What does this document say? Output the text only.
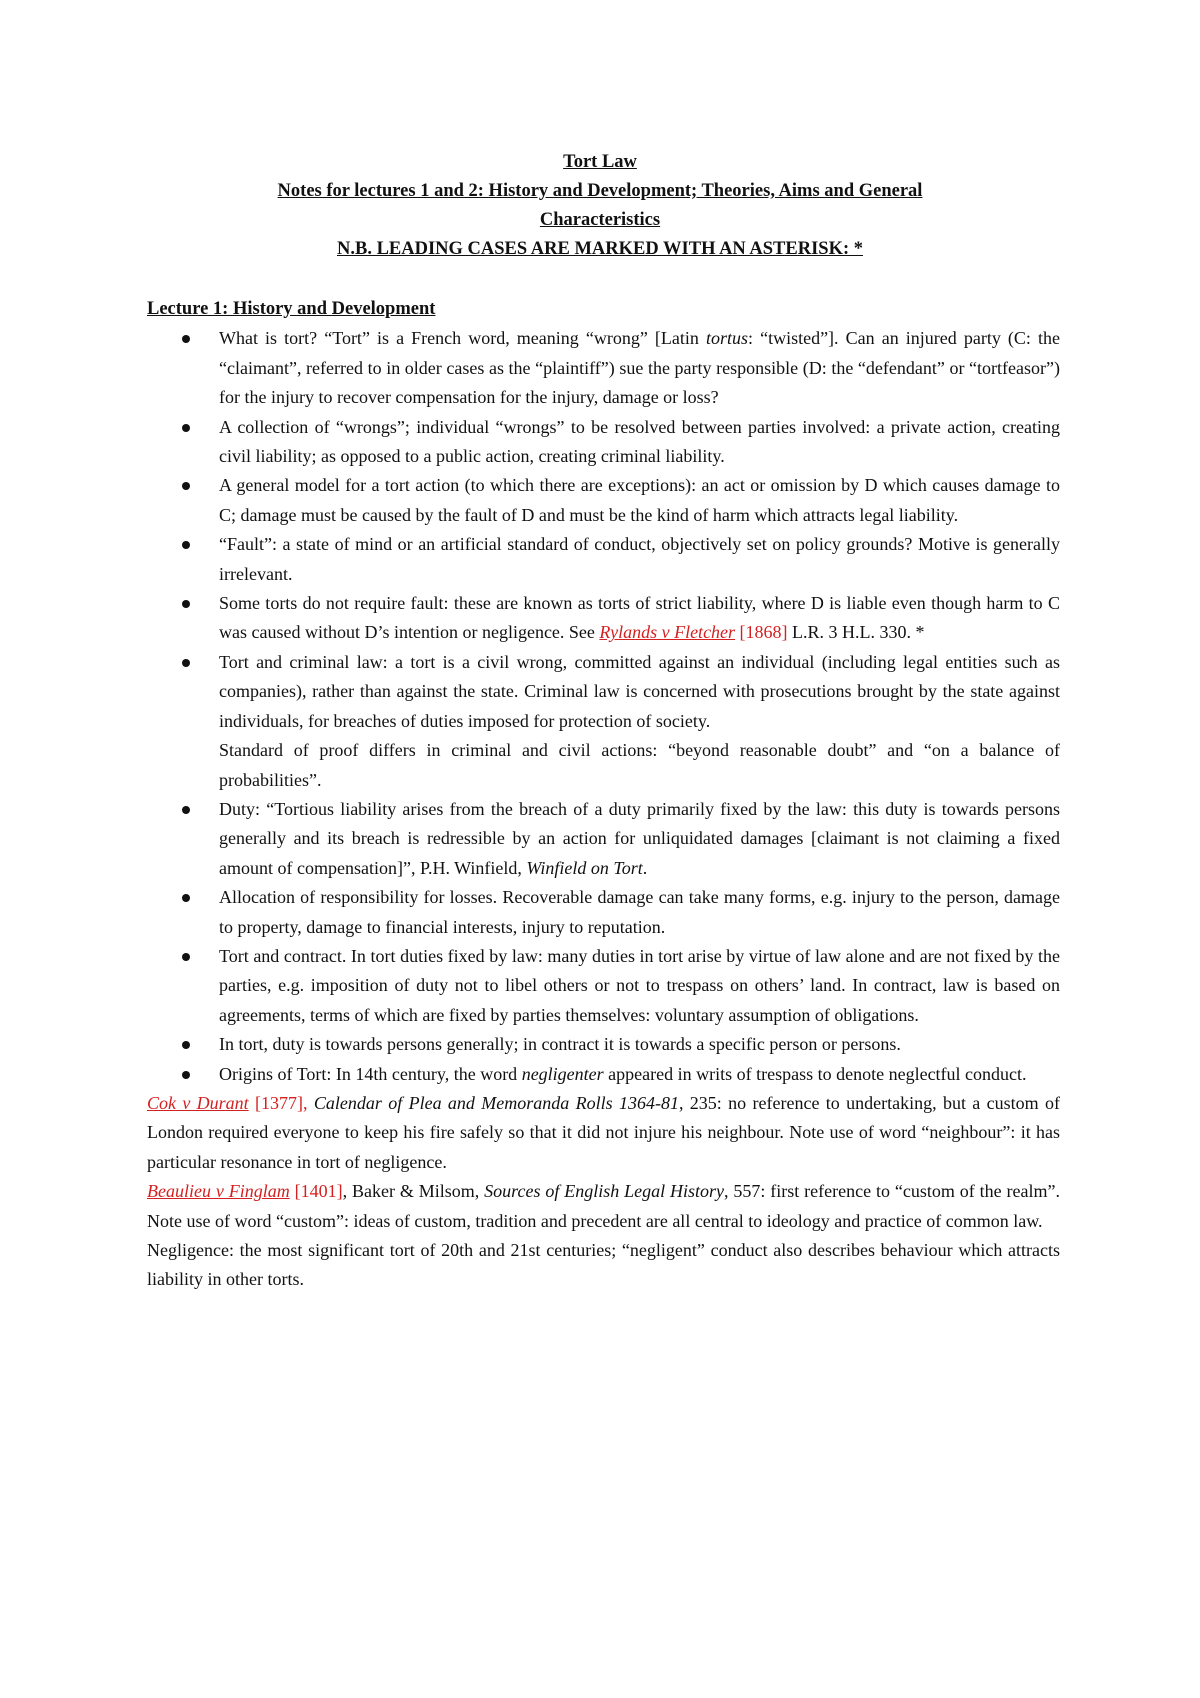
Tort Law
Notes for lectures 1 and 2: History and Development; Theories, Aims and General
Characteristics
N.B. LEADING CASES ARE MARKED WITH AN ASTERISK: *
Lecture 1: History and Development
What is tort? “Tort” is a French word, meaning “wrong” [Latin tortus: “twisted”]. Can an injured party (C: the “claimant”, referred to in older cases as the “plaintiff”) sue the party responsible (D: the “defendant” or “tortfeasor”) for the injury to recover compensation for the injury, damage or loss?
A collection of “wrongs”; individual “wrongs” to be resolved between parties involved: a private action, creating civil liability; as opposed to a public action, creating criminal liability.
A general model for a tort action (to which there are exceptions): an act or omission by D which causes damage to C; damage must be caused by the fault of D and must be the kind of harm which attracts legal liability.
“Fault”: a state of mind or an artificial standard of conduct, objectively set on policy grounds? Motive is generally irrelevant.
Some torts do not require fault: these are known as torts of strict liability, where D is liable even though harm to C was caused without D’s intention or negligence. See Rylands v Fletcher [1868] L.R. 3 H.L. 330. *
Tort and criminal law: a tort is a civil wrong, committed against an individual (including legal entities such as companies), rather than against the state. Criminal law is concerned with prosecutions brought by the state against individuals, for breaches of duties imposed for protection of society.
Standard of proof differs in criminal and civil actions: “beyond reasonable doubt” and “on a balance of probabilities”.
Duty: “Tortious liability arises from the breach of a duty primarily fixed by the law: this duty is towards persons generally and its breach is redressible by an action for unliquidated damages [claimant is not claiming a fixed amount of compensation]”, P.H. Winfield, Winfield on Tort.
Allocation of responsibility for losses. Recoverable damage can take many forms, e.g. injury to the person, damage to property, damage to financial interests, injury to reputation.
Tort and contract. In tort duties fixed by law: many duties in tort arise by virtue of law alone and are not fixed by the parties, e.g. imposition of duty not to libel others or not to trespass on others’ land. In contract, law is based on agreements, terms of which are fixed by parties themselves: voluntary assumption of obligations.
In tort, duty is towards persons generally; in contract it is towards a specific person or persons.
Origins of Tort: In 14th century, the word negligenter appeared in writs of trespass to denote neglectful conduct.

Cok v Durant [1377], Calendar of Plea and Memoranda Rolls 1364-81, 235: no reference to undertaking, but a custom of London required everyone to keep his fire safely so that it did not injure his neighbour. Note use of word “neighbour”: it has particular resonance in tort of negligence.

Beaulieu v Finglam [1401], Baker & Milsom, Sources of English Legal History, 557: first reference to “custom of the realm”. Note use of word “custom”: ideas of custom, tradition and precedent are all central to ideology and practice of common law.

Negligence: the most significant tort of 20th and 21st centuries; “negligent” conduct also describes behaviour which attracts liability in other torts.
